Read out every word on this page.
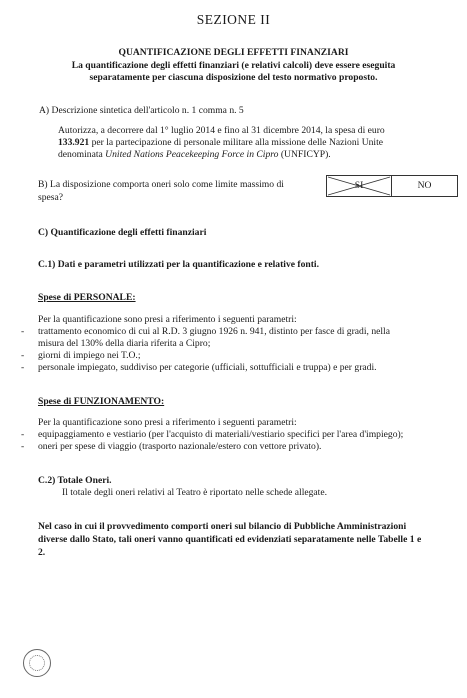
SEZIONE II
QUANTIFICAZIONE DEGLI EFFETTI FINANZIARI
La quantificazione degli effetti finanziari (e relativi calcoli) deve essere eseguita
separatamente per ciascuna disposizione del testo normativo proposto.
A) Descrizione sintetica dell'articolo n. 1 comma n. 5
Autorizza, a decorrere dal 1° luglio 2014 e fino al 31 dicembre 2014, la spesa di euro
133.921 per la partecipazione di personale militare alla missione delle Nazioni Unite
denominata United Nations Peacekeeping Force in Cipro (UNFICYP).
B) La disposizione comporta oneri solo come limite massimo di
spesa?
SI	NO
C) Quantificazione degli effetti finanziari
C.1) Dati e parametri utilizzati per la quantificazione e relative fonti.
Spese di PERSONALE:
Per la quantificazione sono presi a riferimento i seguenti parametri:
- trattamento economico di cui al R.D. 3 giugno 1926 n. 941, distinto per fasce di gradi, nella
misura del 130% della diaria riferita a Cipro;
- giorni di impiego nei T.O.;
- personale impiegato, suddiviso per categorie (ufficiali, sottufficiali e truppa) e per gradi.
Spese di FUNZIONAMENTO:
Per la quantificazione sono presi a riferimento i seguenti parametri:
- equipaggiamento e vestiario (per l'acquisto di materiali/vestiario specifici per l'area d'impiego);
- oneri per spese di viaggio (trasporto nazionale/estero con vettore privato).
C.2) Totale Oneri.
Il totale degli oneri relativi al Teatro è riportato nelle schede allegate.
Nel caso in cui il provvedimento comporti oneri sul bilancio di Pubbliche Amministrazioni
diverse dallo Stato, tali oneri vanno quantificati ed evidenziati separatamente nelle Tabelle 1 e
2.
